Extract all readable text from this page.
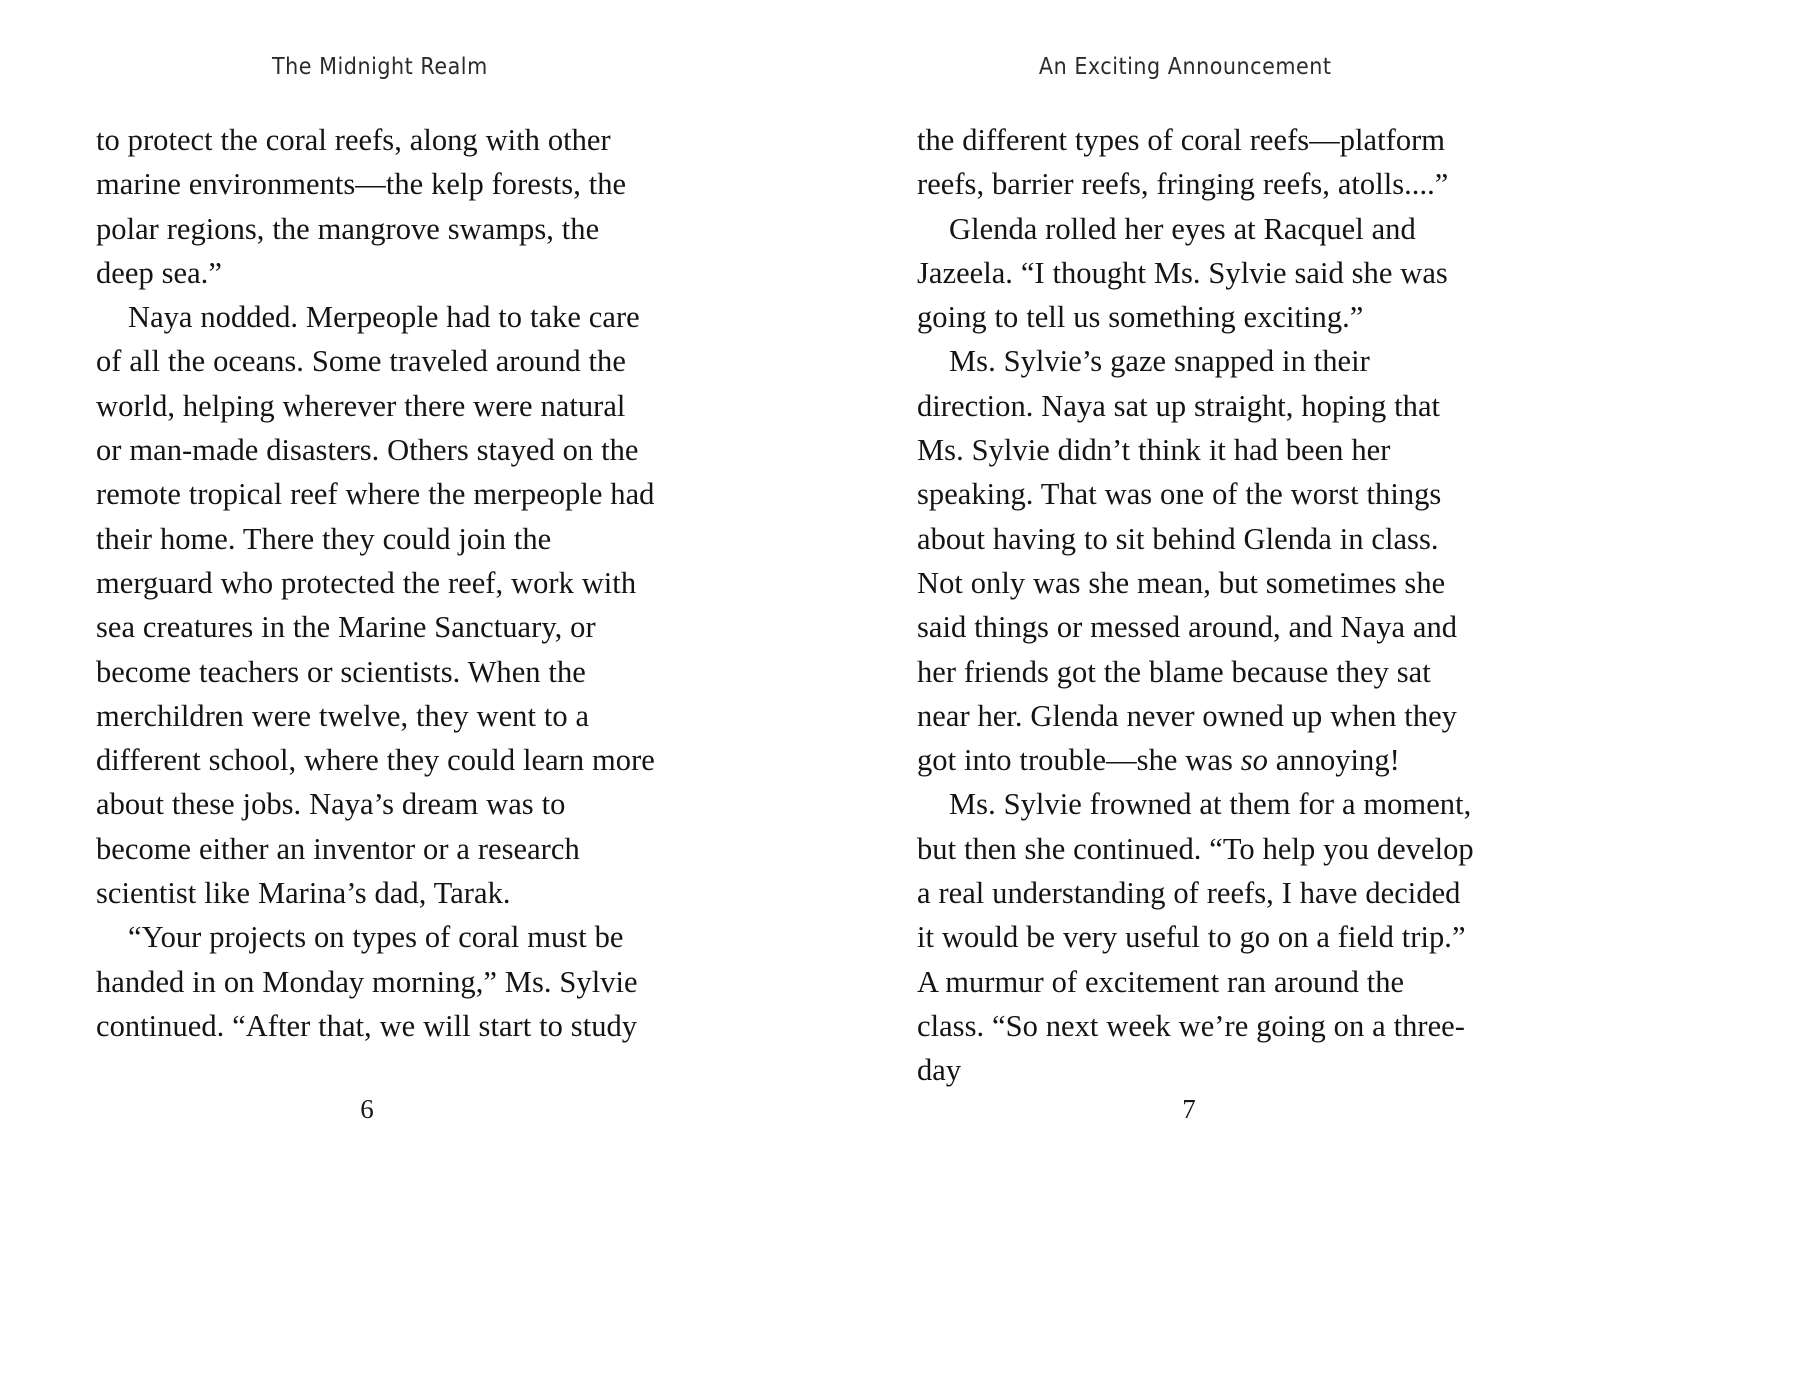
The Midnight Realm	An Exciting Announcement

to protect the coral reefs, along with other marine environments—the kelp forests, the polar regions, the mangrove swamps, the deep sea.”

Naya nodded. Merpeople had to take care of all the oceans. Some traveled around the world, helping wherever there were natural or man-made disasters. Others stayed on the remote tropical reef where the merpeople had their home. There they could join the merguard who protected the reef, work with sea creatures in the Marine Sanctuary, or become teachers or scientists. When the merchildren were twelve, they went to a different school, where they could learn more about these jobs. Naya’s dream was to become either an inventor or a research scientist like Marina’s dad, Tarak.

“Your projects on types of coral must be handed in on Monday morning,” Ms. Sylvie continued. “After that, we will start to study

the different types of coral reefs—platform reefs, barrier reefs, fringing reefs, atolls....”

Glenda rolled her eyes at Racquel and Jazeela. “I thought Ms. Sylvie said she was going to tell us something exciting.”

Ms. Sylvie’s gaze snapped in their direction. Naya sat up straight, hoping that Ms. Sylvie didn’t think it had been her speaking. That was one of the worst things about having to sit behind Glenda in class. Not only was she mean, but sometimes she said things or messed around, and Naya and her friends got the blame because they sat near her. Glenda never owned up when they got into trouble—she was so annoying!

Ms. Sylvie frowned at them for a moment, but then she continued. “To help you develop a real understanding of reefs, I have decided it would be very useful to go on a field trip.” A murmur of excitement ran around the class. “So next week we’re going on a three-day

6	7
